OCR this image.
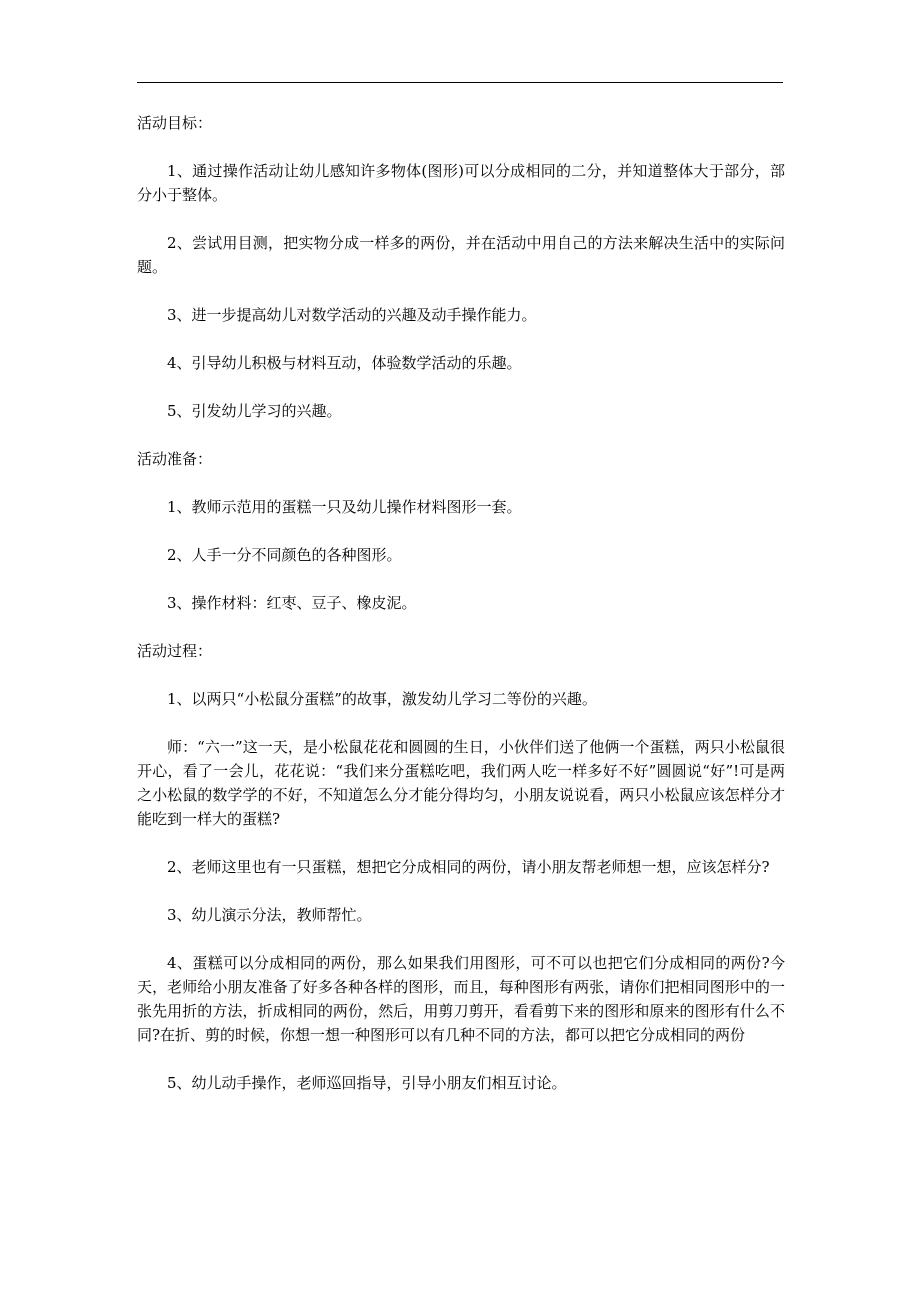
活动目标：

1、通过操作活动让幼儿感知许多物体(图形)可以分成相同的二分，并知道整体大于部分，部分小于整体。

2、尝试用目测，把实物分成一样多的两份，并在活动中用自己的方法来解决生活中的实际问题。

3、进一步提高幼儿对数学活动的兴趣及动手操作能力。

4、引导幼儿积极与材料互动，体验数学活动的乐趣。

5、引发幼儿学习的兴趣。

活动准备：

1、教师示范用的蛋糕一只及幼儿操作材料图形一套。

2、人手一分不同颜色的各种图形。

3、操作材料：红枣、豆子、橡皮泥。

活动过程：

1、以两只“小松鼠分蛋糕”的故事，激发幼儿学习二等份的兴趣。

师：“六一”这一天，是小松鼠花花和圆圆的生日，小伙伴们送了他俩一个蛋糕，两只小松鼠很开心，看了一会儿，花花说：“我们来分蛋糕吃吧，我们两人吃一样多好不好”圆圆说“好”!可是两之小松鼠的数学学的不好，不知道怎么分才能分得均匀，小朋友说说看，两只小松鼠应该怎样分才能吃到一样大的蛋糕?

2、老师这里也有一只蛋糕，想把它分成相同的两份，请小朋友帮老师想一想，应该怎样分?

3、幼儿演示分法，教师帮忙。

4、蛋糕可以分成相同的两份，那么如果我们用图形，可不可以也把它们分成相同的两份?今天，老师给小朋友准备了好多各种各样的图形，而且，每种图形有两张，请你们把相同图形中的一张先用折的方法，折成相同的两份，然后，用剪刀剪开，看看剪下来的图形和原来的图形有什么不同?在折、剪的时候，你想一想一种图形可以有几种不同的方法，都可以把它分成相同的两份

5、幼儿动手操作，老师巡回指导，引导小朋友们相互讨论。
